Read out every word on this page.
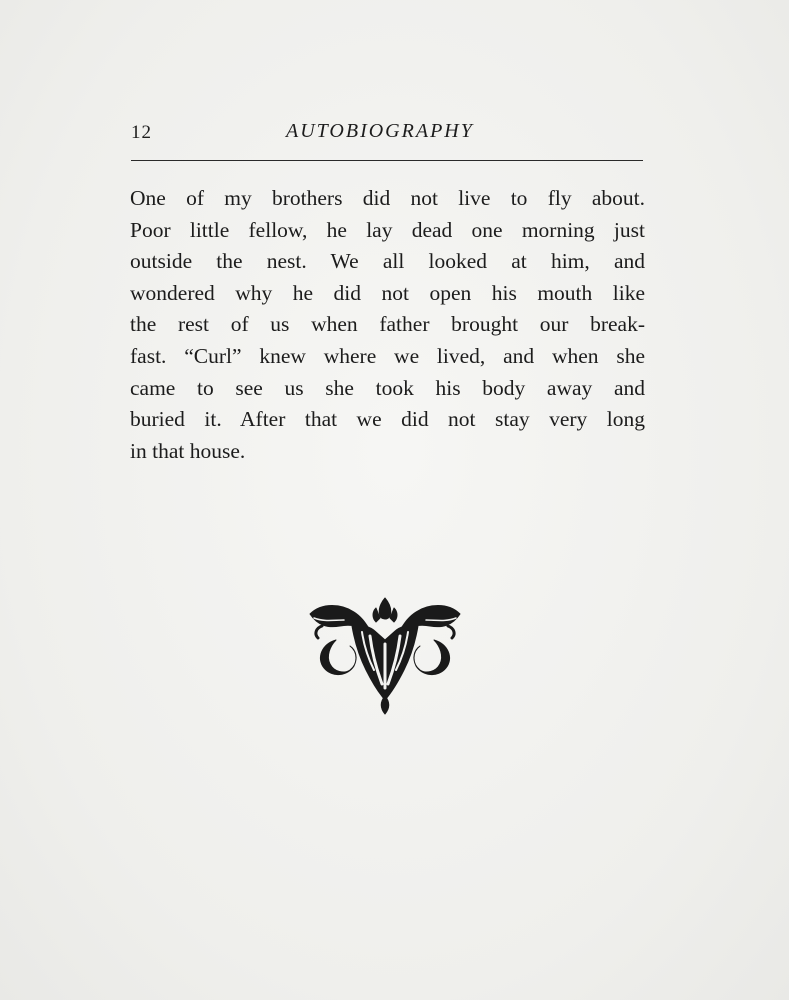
12	AUTOBIOGRAPHY
One of my brothers did not live to fly about.
Poor little fellow, he lay dead one morning just
outside the nest. We all looked at him, and
wondered why he did not open his mouth like
the rest of us when father brought our break-
fast. “Curl” knew where we lived, and when she
came to see us she took his body away and
buried it. After that we did not stay very long
in that house.
